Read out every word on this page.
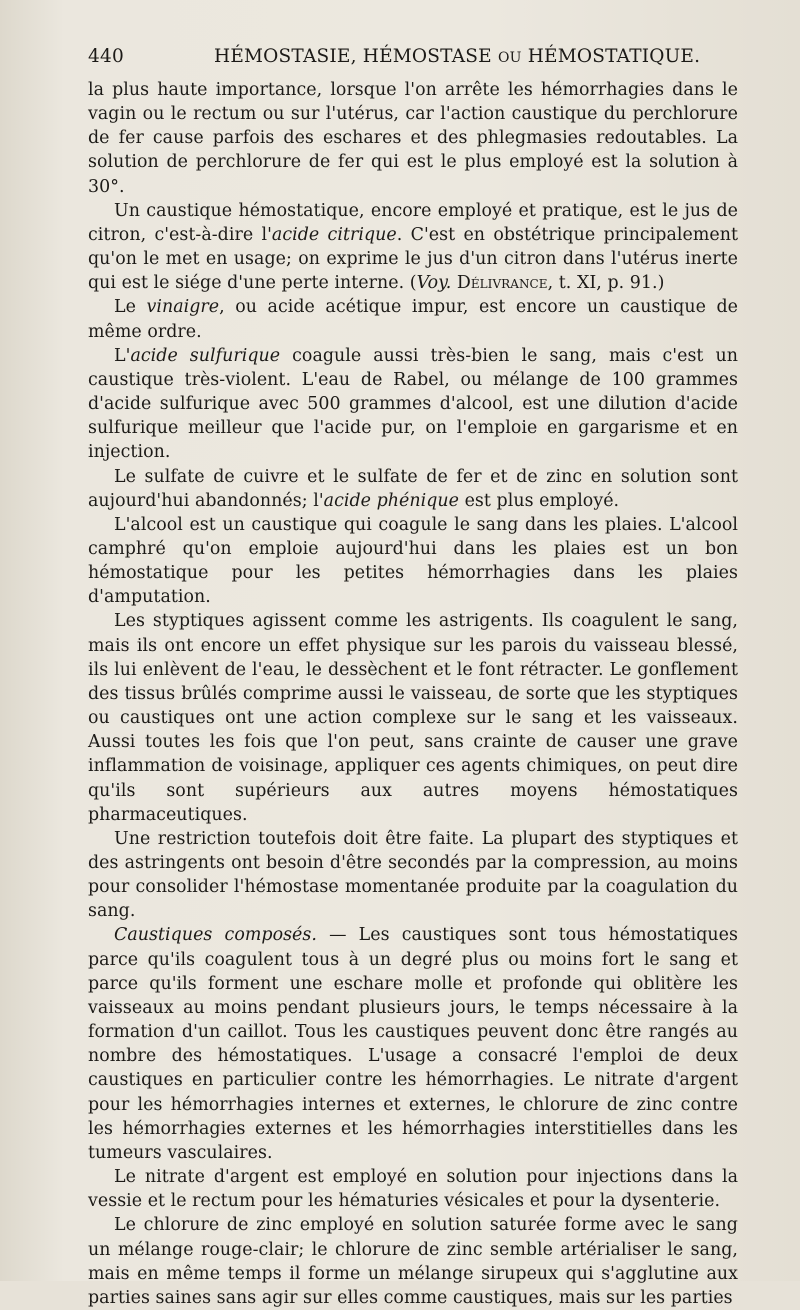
440	HÉMOSTASIE, HÉMOSTASE OU HÉMOSTATIQUE.

la plus haute importance, lorsque l'on arrête les hémorrhagies dans le vagin ou le rectum ou sur l'utérus, car l'action caustique du perchlorure de fer cause parfois des eschares et des phlegmasies redoutables. La solution de perchlorure de fer qui est le plus employé est la solution à 30°.

Un caustique hémostatique, encore employé et pratique, est le jus de citron, c'est-à-dire l'acide citrique. C'est en obstétrique principalement qu'on le met en usage; on exprime le jus d'un citron dans l'utérus inerte qui est le siége d'une perte interne. (Voy. Délivrance, t. XI, p. 91.)

Le vinaigre, ou acide acétique impur, est encore un caustique de même ordre.

L'acide sulfurique coagule aussi très-bien le sang, mais c'est un caustique très-violent. L'eau de Rabel, ou mélange de 100 grammes d'acide sulfurique avec 500 grammes d'alcool, est une dilution d'acide sulfurique meilleur que l'acide pur, on l'emploie en gargarisme et en injection.

Le sulfate de cuivre et le sulfate de fer et de zinc en solution sont aujourd'hui abandonnés; l'acide phénique est plus employé.

L'alcool est un caustique qui coagule le sang dans les plaies. L'alcool camphré qu'on emploie aujourd'hui dans les plaies est un bon hémostatique pour les petites hémorrhagies dans les plaies d'amputation.

Les styptiques agissent comme les astrigents. Ils coagulent le sang, mais ils ont encore un effet physique sur les parois du vaisseau blessé, ils lui enlèvent de l'eau, le dessèchent et le font rétracter. Le gonflement des tissus brûlés comprime aussi le vaisseau, de sorte que les styptiques ou caustiques ont une action complexe sur le sang et les vaisseaux. Aussi toutes les fois que l'on peut, sans crainte de causer une grave inflammation de voisinage, appliquer ces agents chimiques, on peut dire qu'ils sont supérieurs aux autres moyens hémostatiques pharmaceutiques.

Une restriction toutefois doit être faite. La plupart des styptiques et des astringents ont besoin d'être secondés par la compression, au moins pour consolider l'hémostase momentanée produite par la coagulation du sang.

Caustiques composés. — Les caustiques sont tous hémostatiques parce qu'ils coagulent tous à un degré plus ou moins fort le sang et parce qu'ils forment une eschare molle et profonde qui oblitère les vaisseaux au moins pendant plusieurs jours, le temps nécessaire à la formation d'un caillot. Tous les caustiques peuvent donc être rangés au nombre des hémostatiques. L'usage a consacré l'emploi de deux caustiques en particulier contre les hémorrhagies. Le nitrate d'argent pour les hémorrhagies internes et externes, le chlorure de zinc contre les hémorrhagies externes et les hémorrhagies interstitielles dans les tumeurs vasculaires.

Le nitrate d'argent est employé en solution pour injections dans la vessie et le rectum pour les hématuries vésicales et pour la dysenterie.

Le chlorure de zinc employé en solution saturée forme avec le sang un mélange rouge-clair; le chlorure de zinc semble artérialiser le sang, mais en même temps il forme un mélange sirupeux qui s'agglutine aux parties saines sans agir sur elles comme caustiques, mais sur les parties
